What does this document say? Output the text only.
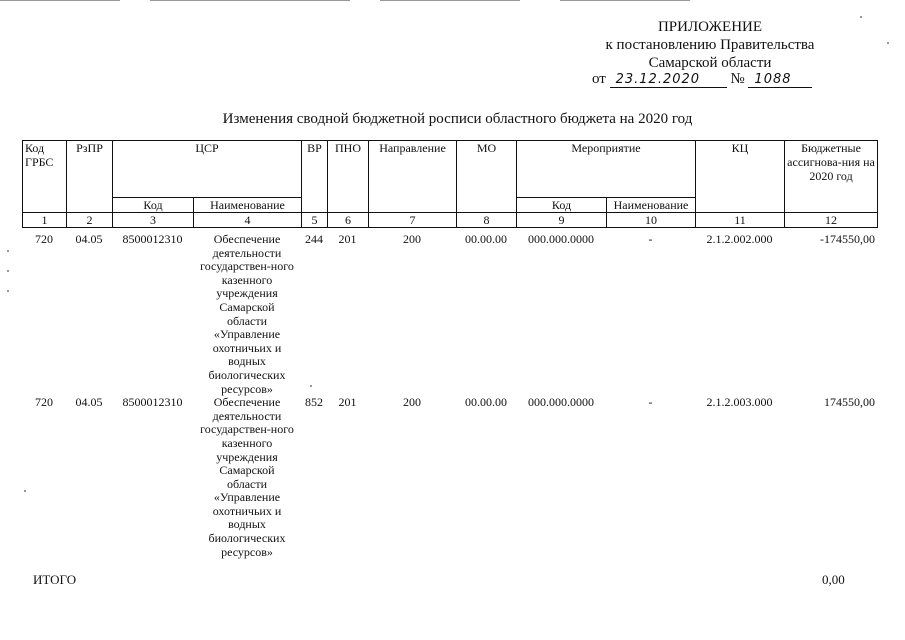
ПРИЛОЖЕНИЕ
к постановлению Правительства
Самарской области
от 23.12.2020 № 1088
Изменения сводной бюджетной росписи областного бюджета на 2020 год
Код ГРБС	РзПР	ЦСР		ВР	ПНО	Направление	МО	Мероприятие		КЦ	Бюджетные ассигнова-ния на 2020 год
		Код	Наименование					Код	Наименование		
1	2	3	4	5	6	7	8	9	10	11	12
720	04.05	8500012310	Обеспечение деятельности государствен-ного казенного учреждения Самарской области «Управление охотничьих и водных биологических ресурсов»	244	201	200	00.00.00	000.000.0000	-	2.1.2.002.000	-174550,00
720	04.05	8500012310	Обеспечение деятельности государствен-ного казенного учреждения Самарской области «Управление охотничьих и водных биологических ресурсов»	852	201	200	00.00.00	000.000.0000	-	2.1.2.003.000	174550,00
ИТОГО	0,00
